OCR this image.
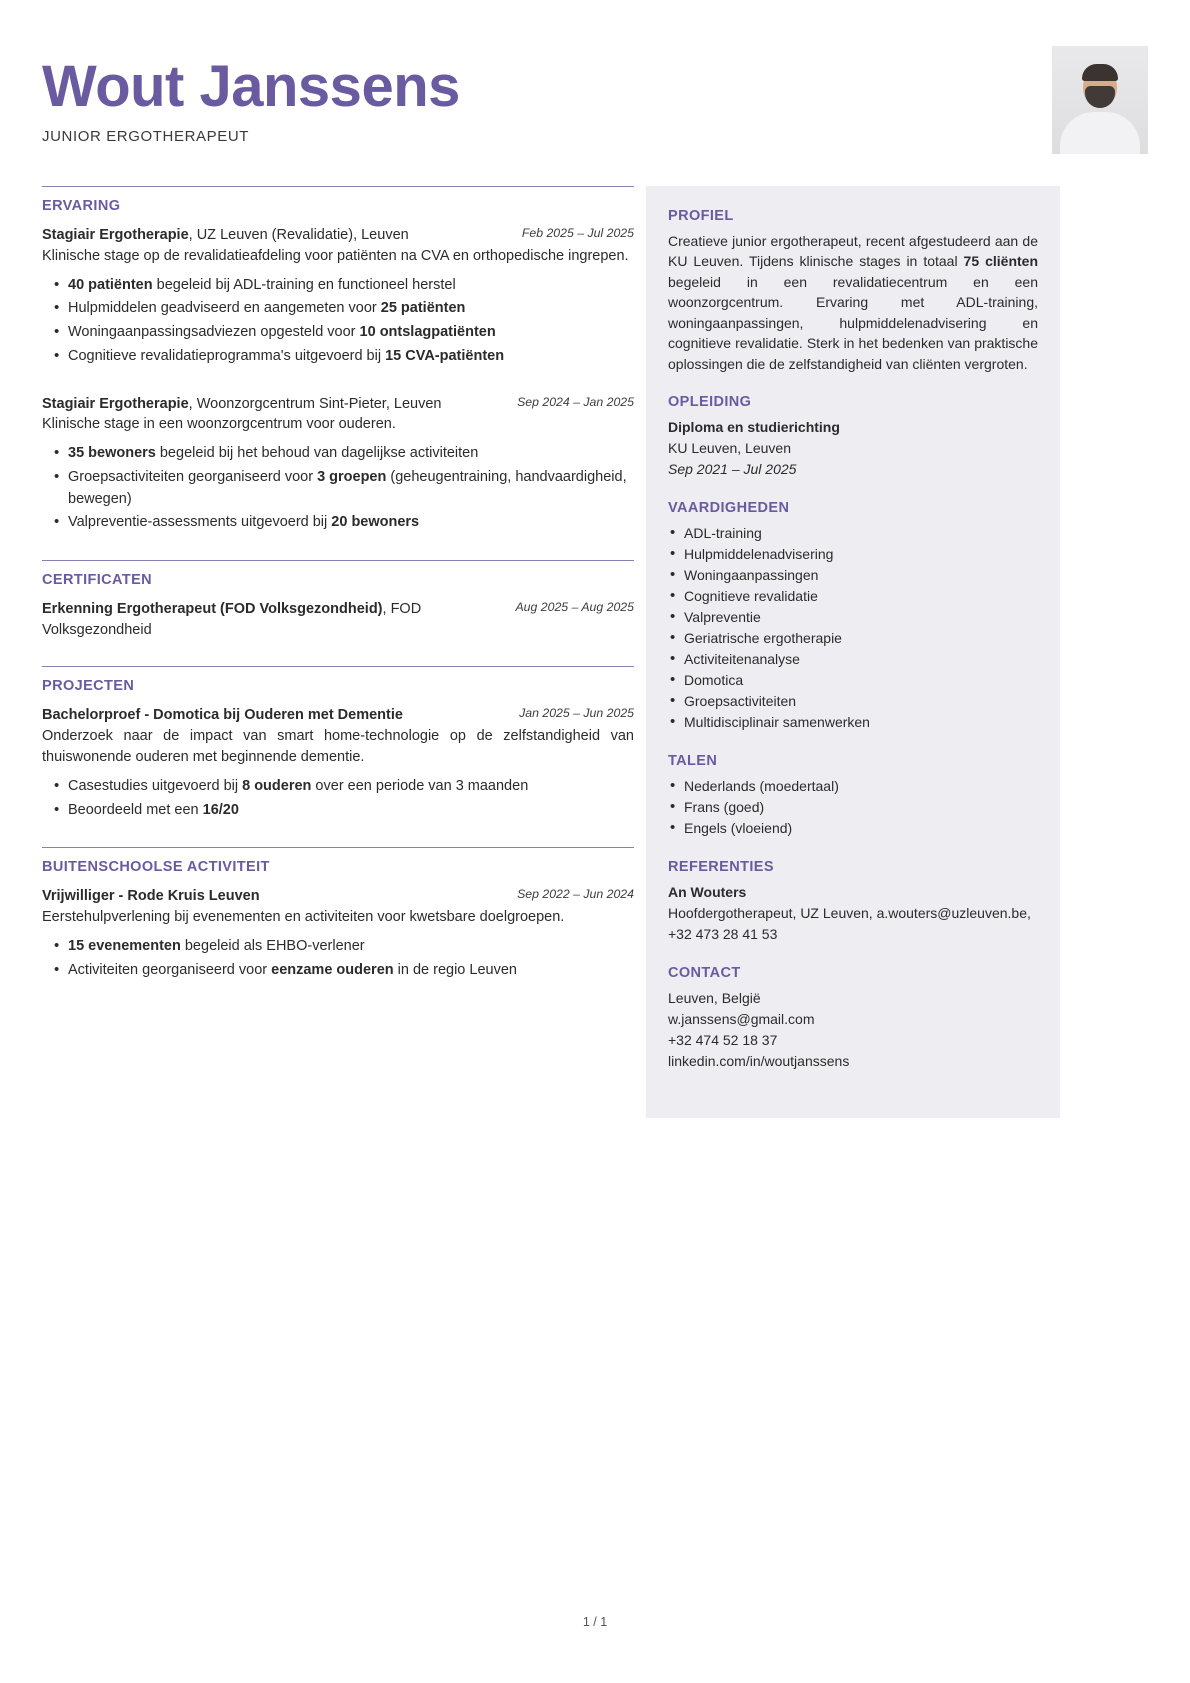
Wout Janssens
JUNIOR ERGOTHERAPEUT
ERVARING
Stagiair Ergotherapie, UZ Leuven (Revalidatie), Leuven	Feb 2025 – Jul 2025
Klinische stage op de revalidatieafdeling voor patiënten na CVA en orthopedische ingrepen.
• 40 patiënten begeleid bij ADL-training en functioneel herstel
• Hulpmiddelen geadviseerd en aangemeten voor 25 patiënten
• Woningaanpassingsadviezen opgesteld voor 10 ontslagpatiënten
• Cognitieve revalidatieprogramma's uitgevoerd bij 15 CVA-patiënten
Stagiair Ergotherapie, Woonzorgcentrum Sint-Pieter, Leuven	Sep 2024 – Jan 2025
Klinische stage in een woonzorgcentrum voor ouderen.
• 35 bewoners begeleid bij het behoud van dagelijkse activiteiten
• Groepsactiviteiten georganiseerd voor 3 groepen (geheugentraining, handvaardigheid, bewegen)
• Valpreventie-assessments uitgevoerd bij 20 bewoners
CERTIFICATEN
Erkenning Ergotherapeut (FOD Volksgezondheid), FOD Volksgezondheid
Aug 2025 – Aug 2025
PROJECTEN
Bachelorproef - Domotica bij Ouderen met Dementie	Jan 2025 – Jun 2025
Onderzoek naar de impact van smart home-technologie op de zelfstandigheid van thuiswonende ouderen met beginnende dementie.
• Casestudies uitgevoerd bij 8 ouderen over een periode van 3 maanden
• Beoordeeld met een 16/20
BUITENSCHOOLSE ACTIVITEIT
Vrijwilliger - Rode Kruis Leuven	Sep 2022 – Jun 2024
Eerstehulpverlening bij evenementen en activiteiten voor kwetsbare doelgroepen.
• 15 evenementen begeleid als EHBO-verlener
• Activiteiten georganiseerd voor eenzame ouderen in de regio Leuven
PROFIEL
Creatieve junior ergotherapeut, recent afgestudeerd aan de KU Leuven. Tijdens klinische stages in totaal 75 cliënten begeleid in een revalidatiecentrum en een woonzorgcentrum. Ervaring met ADL-training, woningaanpassingen, hulpmiddelenadvisering en cognitieve revalidatie. Sterk in het bedenken van praktische oplossingen die de zelfstandigheid van cliënten vergroten.
OPLEIDING
Diploma en studierichting
KU Leuven, Leuven
Sep 2021 – Jul 2025
VAARDIGHEDEN
• ADL-training
• Hulpmiddelenadvisering
• Woningaanpassingen
• Cognitieve revalidatie
• Valpreventie
• Geriatrische ergotherapie
• Activiteitenanalyse
• Domotica
• Groepsactiviteiten
• Multidisciplinair samenwerken
TALEN
• Nederlands (moedertaal)
• Frans (goed)
• Engels (vloeiend)
REFERENTIES
An Wouters
Hoofdergotherapeut, UZ Leuven, a.wouters@uzleuven.be, +32 473 28 41 53
CONTACT
Leuven, België
w.janssens@gmail.com
+32 474 52 18 37
linkedin.com/in/woutjanssens
1 / 1
